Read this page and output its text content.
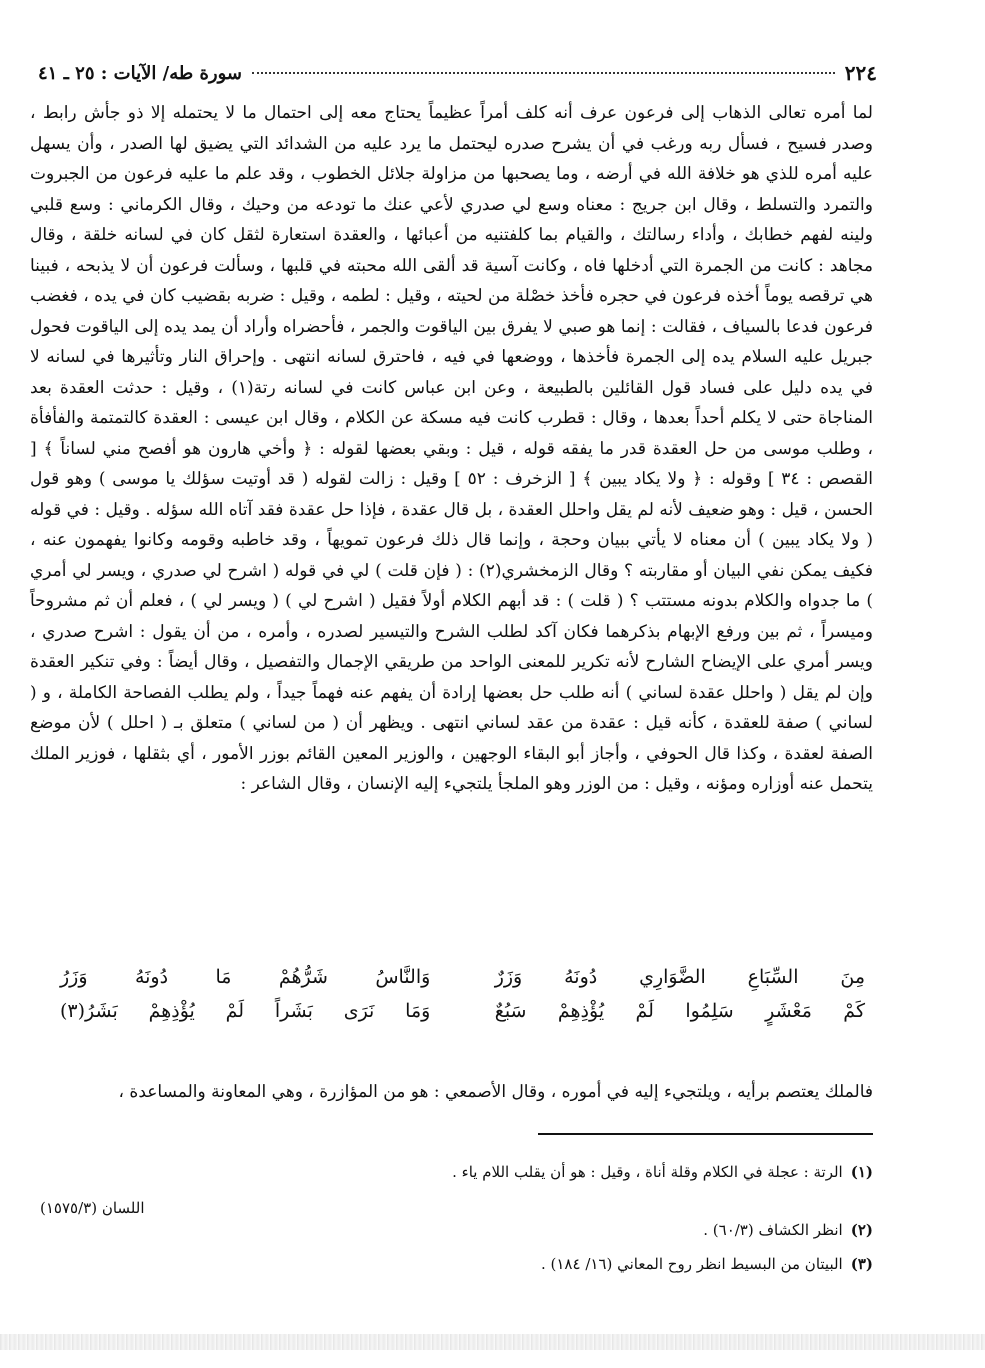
٢٢٤
سورة طه/ الآيات : ٢٥ ـ ٤١

لما أمره تعالى الذهاب إلى فرعون عرف أنه كلف أمراً عظيماً يحتاج معه إلى احتمال ما لا يحتمله إلا ذو جأش رابط ، وصدر فسيح ، فسأل ربه ورغب في أن يشرح صدره ليحتمل ما يرد عليه من الشدائد التي يضيق لها الصدر ، وأن يسهل عليه أمره للذي هو خلافة الله في أرضه ، وما يصحبها من مزاولة جلائل الخطوب ، وقد علم ما عليه فرعون من الجبروت والتمرد والتسلط ، وقال ابن جريج : معناه وسع لي صدري لأعي عنك ما تودعه من وحيك ، وقال الكرماني : وسع قلبي ولينه لفهم خطابك ، وأداء رسالتك ، والقيام بما كلفتنيه من أعبائها ، والعقدة استعارة لثقل كان في لسانه خلقة ، وقال مجاهد : كانت من الجمرة التي أدخلها فاه ، وكانت آسية قد ألقى الله محبته في قلبها ، وسألت فرعون أن لا يذبحه ، فبينا هي ترقصه يوماً أخذه فرعون في حجره فأخذ خصْلة من لحيته ، وقيل : لطمه ، وقيل : ضربه بقضيب كان في يده ، فغضب فرعون فدعا بالسياف ، فقالت : إنما هو صبي لا يفرق بين الياقوت والجمر ، فأحضراه وأراد أن يمد يده إلى الياقوت فحول جبريل عليه السلام يده إلى الجمرة فأخذها ، ووضعها في فيه ، فاحترق لسانه انتهى . وإحراق النار وتأثيرها في لسانه لا في يده دليل على فساد قول القائلين بالطبيعة ، وعن ابن عباس كانت في لسانه رتة(١) ، وقيل : حدثت العقدة بعد المناجاة حتى لا يكلم أحداً بعدها ، وقال : قطرب كانت فيه مسكة عن الكلام ، وقال ابن عيسى : العقدة كالتمتمة والفأفأة ، وطلب موسى من حل العقدة قدر ما يفقه قوله ، قيل : وبقي بعضها لقوله : ﴿ وأخي هارون هو أفصح مني لساناً ﴾ [ القصص : ٣٤ ] وقوله : ﴿ ولا يكاد يبين ﴾ [ الزخرف : ٥٢ ] وقيل : زالت لقوله ( قد أوتيت سؤلك يا موسى ) وهو قول الحسن ، قيل : وهو ضعيف لأنه لم يقل واحلل العقدة ، بل قال عقدة ، فإذا حل عقدة فقد آتاه الله سؤله . وقيل : في قوله ( ولا يكاد يبين ) أن معناه لا يأتي ببيان وحجة ، وإنما قال ذلك فرعون تمويهاً ، وقد خاطبه وقومه وكانوا يفهمون عنه ، فكيف يمكن نفي البيان أو مقاربته ؟ وقال الزمخشري(٢) : ( فإن قلت ) لي في قوله ( اشرح لي صدري ، ويسر لي أمري ) ما جدواه والكلام بدونه مستتب ؟ ( قلت ) : قد أبهم الكلام أولاً فقيل ( اشرح لي ) ( ويسر لي ) ، فعلم أن ثم مشروحاً وميسراً ، ثم بين ورفع الإبهام بذكرهما فكان آكد لطلب الشرح والتيسير لصدره ، وأمره ، من أن يقول : اشرح صدري ، ويسر أمري على الإيضاح الشارح لأنه تكرير للمعنى الواحد من طريقي الإجمال والتفصيل ، وقال أيضاً : وفي تنكير العقدة وإن لم يقل ( واحلل عقدة لساني ) أنه طلب حل بعضها إرادة أن يفهم عنه فهماً جيداً ، ولم يطلب الفصاحة الكاملة ، و ( لساني ) صفة للعقدة ، كأنه قيل : عقدة من عقد لساني انتهى . ويظهر أن ( من لساني ) متعلق بـ ( احلل ) لأن موضع الصفة لعقدة ، وكذا قال الحوفي ، وأجاز أبو البقاء الوجهين ، والوزير المعين القائم بوزر الأمور ، أي بثقلها ، فوزير الملك يتحمل عنه أوزاره ومؤنه ، وقيل : من الوزر وهو الملجأ يلتجيء إليه الإنسان ، وقال الشاعر :

مِنَ السِّبَاعِ الضَّوَارِي دُونَهُ وَزَرٌ
وَالنَّاسُ شَرُّهُمْ مَا دُونَهُ وَزَرُ
كَمْ مَعْشَرٍ سَلِمُوا لَمْ يُؤْذِهِمْ سَبُعٌ
وَمَا نَرَى بَشَراً لَمْ يُؤْذِهِمْ بَشَرُ(٣)

فالملك يعتصم برأيه ، ويلتجيء إليه في أموره ، وقال الأصمعي : هو من المؤازرة ، وهي المعاونة والمساعدة ،

(١)الرتة : عجلة في الكلام وقلة أناة ، وقيل : هو أن يقلب اللام ياء .
اللسان (١٥٧٥/٣)
(٢)انظر الكشاف (٦٠/٣) .
(٣)البيتان من البسيط انظر روح المعاني (١٦/ ١٨٤) .
